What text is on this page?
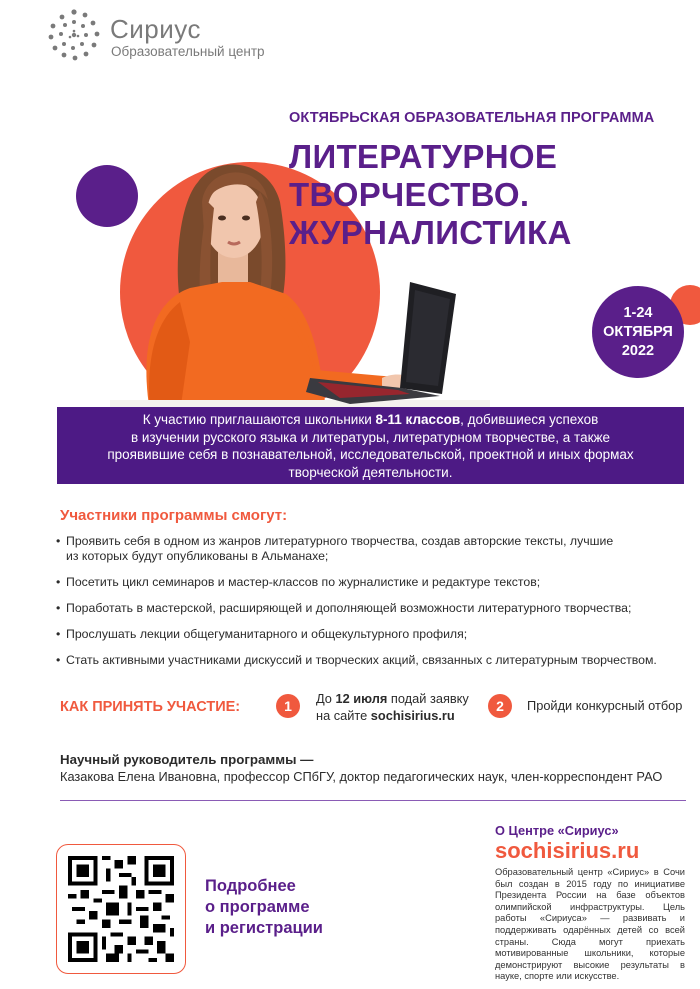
Сириус
Образовательный центр
ОКТЯБРЬСКАЯ ОБРАЗОВАТЕЛЬНАЯ ПРОГРАММА
ЛИТЕРАТУРНОЕ
ТВОРЧЕСТВО.
ЖУРНАЛИСТИКА
1-24
ОКТЯБРЯ
2022
К участию приглашаются школьники 8-11 классов, добившиеся успехов
в изучении русского языка и литературы, литературном творчестве, а также
проявившие себя в познавательной, исследовательской, проектной и иных формах
творческой деятельности.
Участники программы смогут:
• Проявить себя в одном из жанров литературного творчества, создав авторские тексты, лучшие
из которых будут опубликованы в Альманахе;
• Посетить цикл семинаров и мастер-классов по журналистике и редактуре текстов;
• Поработать в мастерской, расширяющей и дополняющей возможности литературного творчества;
• Прослушать лекции общегуманитарного и общекультурного профиля;
• Стать активными участниками дискуссий и творческих акций, связанных с литературным творчеством.
КАК ПРИНЯТЬ УЧАСТИЕ:	1	До 12 июля подай заявку
на сайте sochisirius.ru
2	Пройди конкурсный отбор
Научный руководитель программы —
Казакова Елена Ивановна, профессор СПбГУ, доктор педагогических наук, член-корреспондент РАО
Подробнее
о программе
и регистрации
О Центре «Сириус»
sochisirius.ru
Образовательный центр «Сириус» в Сочи был создан в 2015 году по инициативе Президента России на базе объектов олимпийской инфраструктуры. Цель работы «Сириуса» — развивать и поддерживать одарённых детей со всей страны. Сюда могут приехать мотивированные школьники, которые демонстрируют высокие результаты в науке, спорте или искусстве.
